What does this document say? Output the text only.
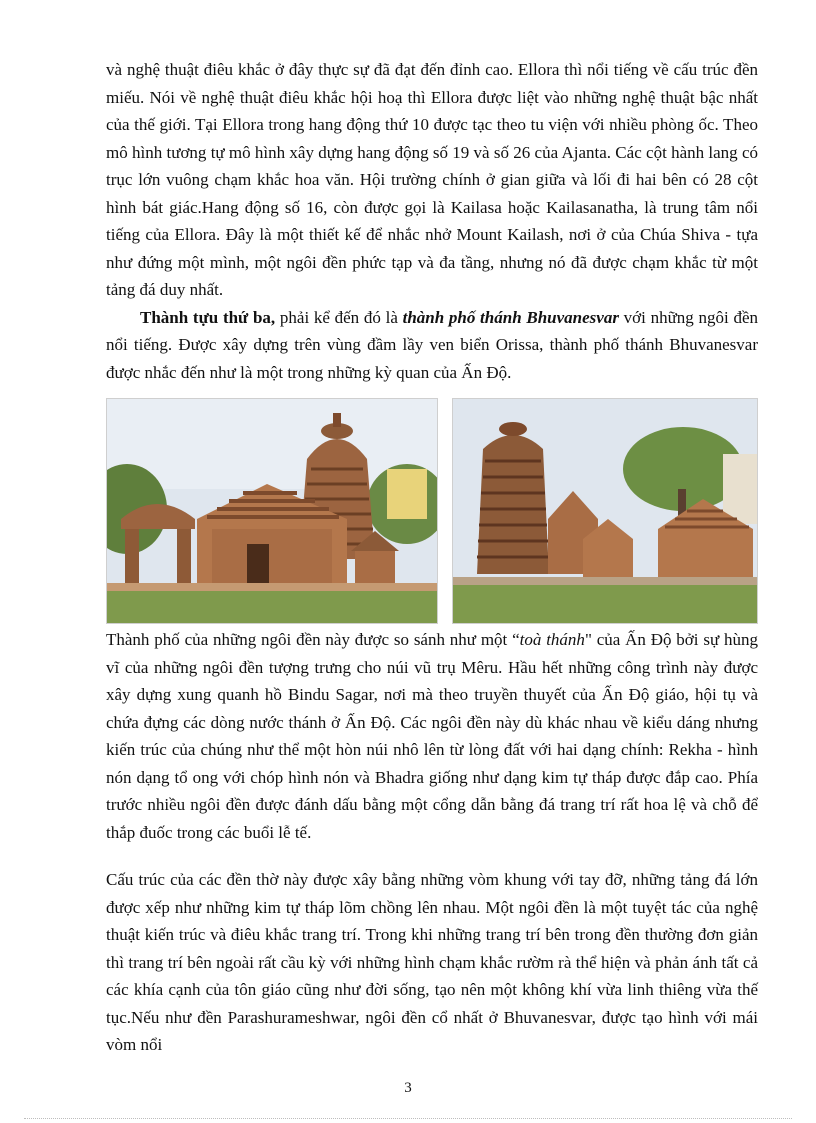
và nghệ thuật điêu khắc ở đây thực sự đã đạt đến đỉnh cao. Ellora thì nổi tiếng về cấu trúc đền miếu. Nói về nghệ thuật điêu khắc hội hoạ thì Ellora được liệt vào những nghệ thuật bậc nhất của thế giới. Tại Ellora trong hang động thứ 10 được tạc theo tu viện với nhiều phòng ốc. Theo mô hình tương tự mô hình xây dựng hang động số 19 và số 26 của Ajanta. Các cột hành lang có trục lớn vuông chạm khắc hoa văn. Hội trường chính ở gian giữa và lối đi hai bên có 28 cột hình bát giác.Hang động số 16, còn được gọi là Kailasa hoặc Kailasanatha, là trung tâm nổi tiếng của Ellora. Đây là một thiết kế để nhắc nhở Mount Kailash, nơi ở của Chúa Shiva - tựa như đứng một mình, một ngôi đền phức tạp và đa tầng, nhưng nó đã được chạm khắc từ một tảng đá duy nhất.

Thành tựu thứ ba, phải kể đến đó là thành phố thánh Bhuvanesvar với những ngôi đền nổi tiếng. Được xây dựng trên vùng đầm lầy ven biển Orissa, thành phố thánh Bhuvanesvar được nhắc đến như là một trong những kỳ quan của Ấn Độ.

Thành phố của những ngôi đền này được so sánh như một “toà thánh" của Ấn Độ bởi sự hùng vĩ của những ngôi đền tượng trưng cho núi vũ trụ Mêru. Hầu hết những công trình này được xây dựng xung quanh hồ Bindu Sagar, nơi mà theo truyền thuyết của Ấn Độ giáo, hội tụ và chứa đựng các dòng nước thánh ở Ấn Độ. Các ngôi đền này dù khác nhau về kiểu dáng nhưng kiến trúc của chúng như thể một hòn núi nhô lên từ lòng đất với hai dạng chính: Rekha - hình nón dạng tổ ong với chóp hình nón và Bhadra giống như dạng kim tự tháp được đắp cao. Phía trước nhiều ngôi đền được đánh dấu bằng một cổng dẫn bằng đá trang trí rất hoa lệ và chỗ để thắp đuốc trong các buổi lễ tế.

Cấu trúc của các đền thờ này được xây bằng những vòm khung với tay đỡ, những tảng đá lớn được xếp như những kim tự tháp lõm chồng lên nhau. Một ngôi đền là một tuyệt tác của nghệ thuật kiến trúc và điêu khắc trang trí. Trong khi những trang trí bên trong đền thường đơn giản thì trang trí bên ngoài rất cầu kỳ với những hình chạm khắc rườm rà thể hiện và phản ánh tất cả các khía cạnh của tôn giáo cũng như đời sống, tạo nên một không khí vừa linh thiêng vừa thế tục.Nếu như đền Parashurameshwar, ngôi đền cổ nhất ở Bhuvanesvar, được tạo hình với mái vòm nổi

3
